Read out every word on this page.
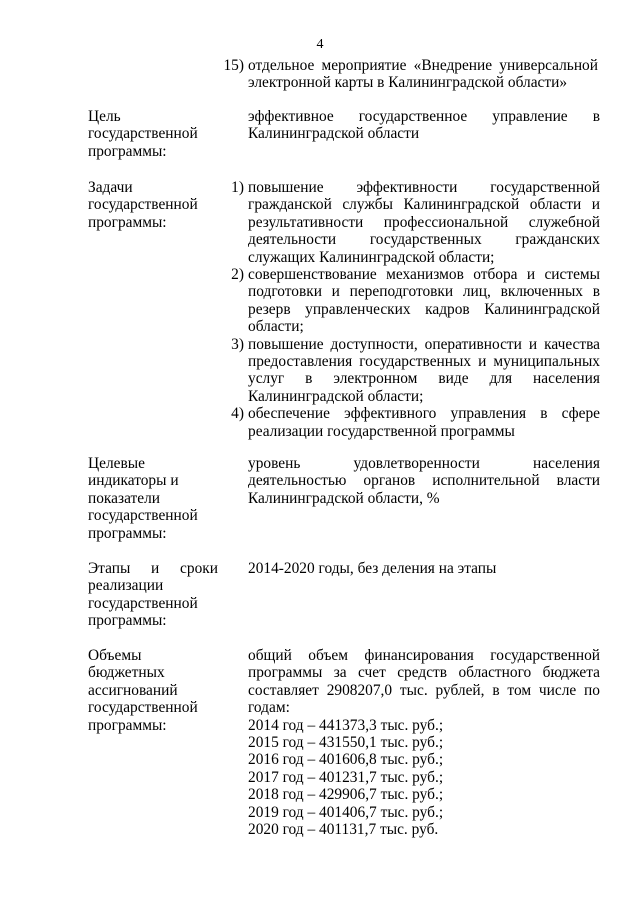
4
15) отдельное мероприятие «Внедрение универсальной электронной карты в Калининградской области»
Цель государственной программы:

эффективное государственное управление в Калининградской области

Задачи государственной программы:
1) повышение эффективности государственной гражданской службы Калининградской области и результативности профессиональной служебной деятельности государственных гражданских служащих Калининградской области;
2) совершенствование механизмов отбора и системы подготовки и переподготовки лиц, включенных в резерв управленческих кадров Калининградской области;
3) повышение доступности, оперативности и качества предоставления государственных и муниципальных услуг в электронном виде для населения Калининградской области;
4) обеспечение эффективного управления в сфере реализации государственной программы
Целевые индикаторы и показатели государственной программы:

уровень удовлетворенности населения деятельностью органов исполнительной власти Калининградской области, %

Этапы и сроки реализации государственной программы:

2014-2020 годы, без деления на этапы

Объемы бюджетных ассигнований государственной программы:

общий объем финансирования государственной программы за счет средств областного бюджета составляет 2908207,0 тыс. рублей, в том числе по годам:

2014 год – 441373,3 тыс. руб.;
2015 год – 431550,1 тыс. руб.;
2016 год – 401606,8 тыс. руб.;
2017 год – 401231,7 тыс. руб.;
2018 год – 429906,7 тыс. руб.;
2019 год – 401406,7 тыс. руб.;
2020 год – 401131,7 тыс. руб.
